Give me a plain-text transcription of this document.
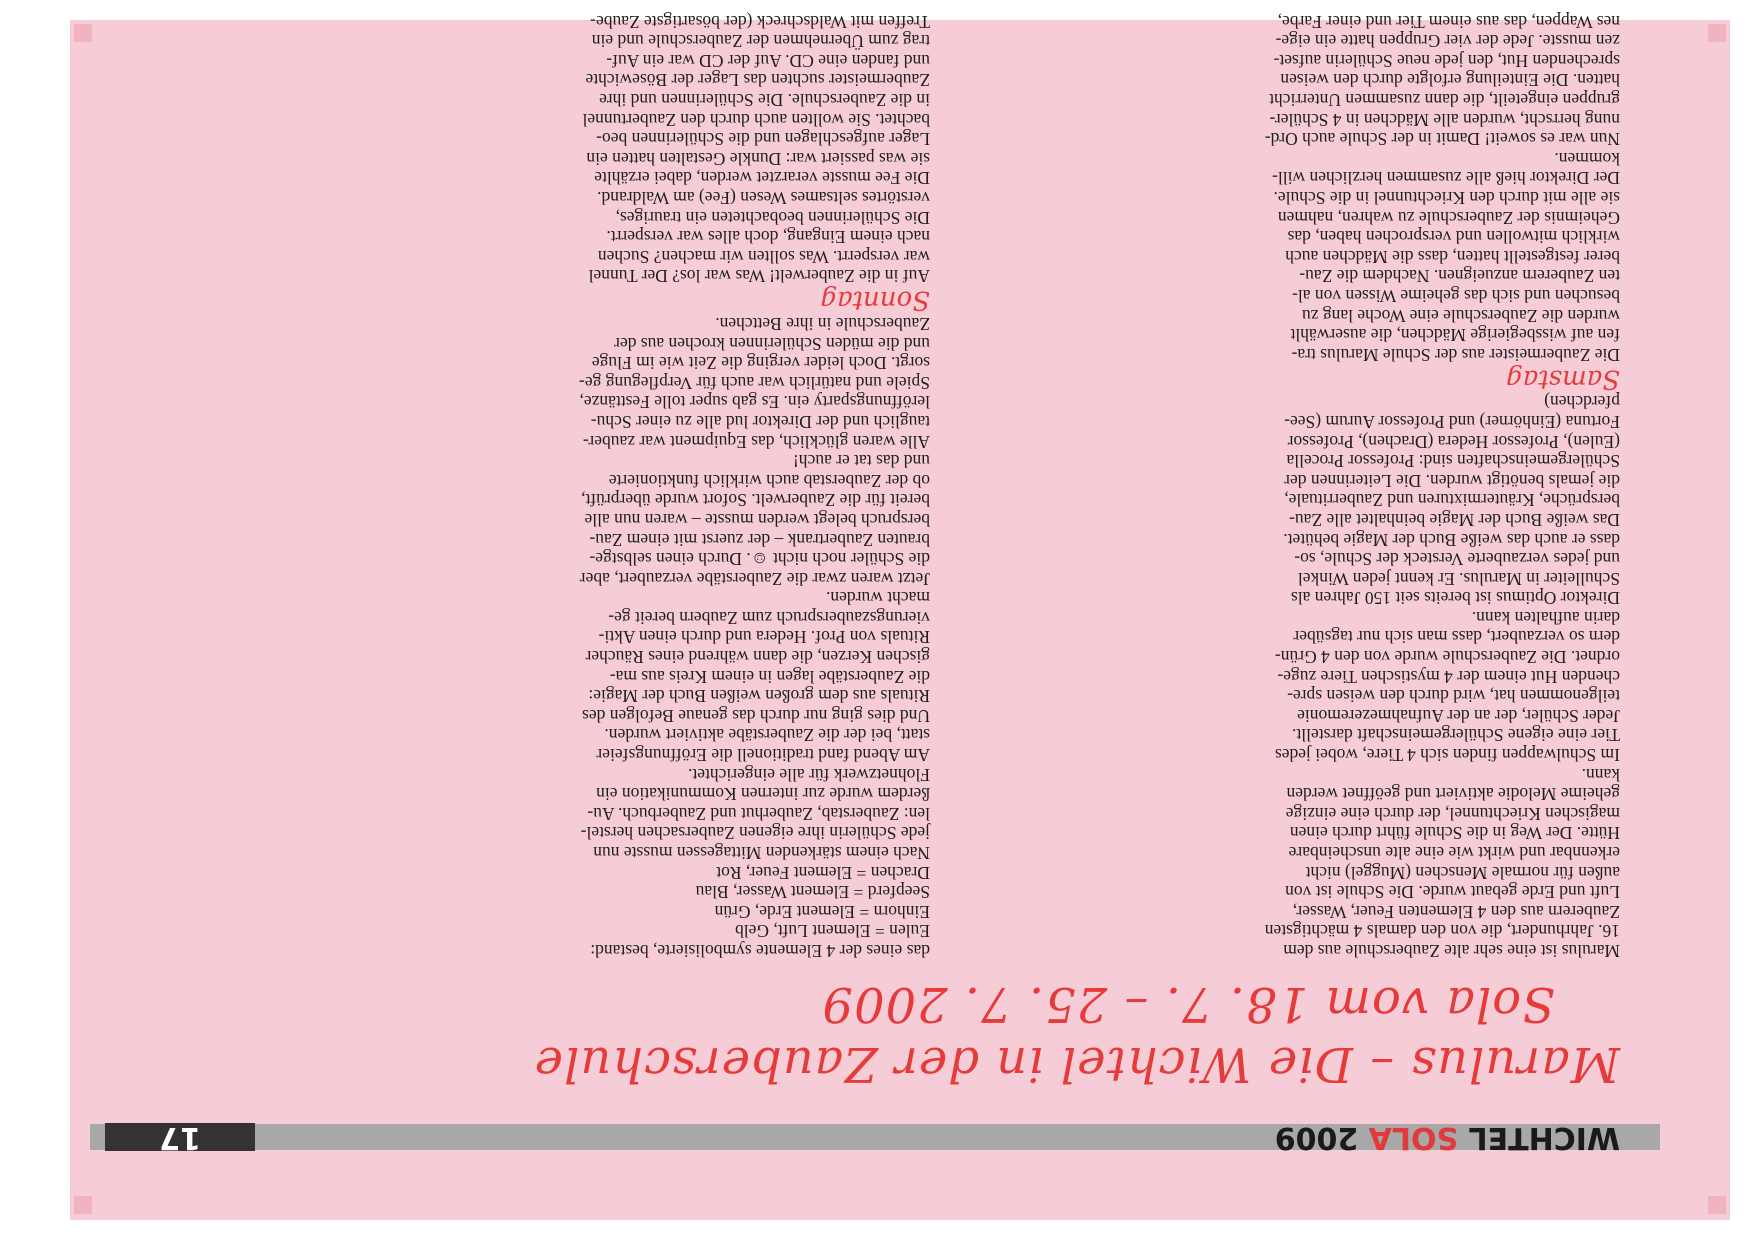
17	WICHTEL SOLA 2009
Marulus – Die Wichtel in der Zauberschule
Sola vom 18. 7. – 25. 7. 2009
Marulus ist eine sehr alte Zauberschule aus dem
16. Jahrhundert, die von den damals 4 mächtigsten
Zauberern aus den 4 Elementen Feuer, Wasser,
Luft und Erde gebaut wurde. Die Schule ist von
außen für normale Menschen (Muggel) nicht
erkennbar und wirkt wie eine alte unscheinbare
Hütte. Der Weg in die Schule führt durch einen
magischen Kriechtunnel, der durch eine einzige
geheime Melodie aktiviert und geöffnet werden
kann.
Im Schulwappen finden sich 4 Tiere, wobei jedes
Tier eine eigene Schülergemeinschaft darstellt.
Jeder Schüler, der an der Aufnahmezeremonie
teilgenommen hat, wird durch den weisen spre-
chenden Hut einem der 4 mystischen Tiere zuge-
ordnet. Die Zauberschule wurde von den 4 Grün-
dern so verzaubert, dass man sich nur tagsüber
darin aufhalten kann.
Direktor Optimus ist bereits seit 150 Jahren als
Schulleiter in Marulus. Er kennt jeden Winkel
und jedes verzauberte Versteck der Schule, so-
dass er auch das weiße Buch der Magie behütet.
Das weiße Buch der Magie beinhaltet alle Zau-
bersprüche, Kräutermixturen und Zauberrituale,
die jemals benötigt wurden. Die Leiterinnen der
Schülergemeinschaften sind: Professor Procella
(Eulen), Professor Hedera (Drachen), Professor
Fortuna (Einhörner) und Professor Aurum (See-
pferdchen)
Samstag
Die Zaubermeister aus der Schule Marulus tra-
fen auf wissbegierige Mädchen, die auserwählt
wurden die Zauberschule eine Woche lang zu
besuchen und sich das geheime Wissen von al-
ten Zauberern anzueignen. Nachdem die Zau-
berer festgestellt hatten, dass die Mädchen auch
wirklich mitwollen und versprochen haben, das
Geheimnis der Zauberschule zu wahren, nahmen
sie alle mit durch den Kriechtunnel in die Schule.
Der Direktor hieß alle zusammen herzlichen will-
kommen.
Nun war es soweit! Damit in der Schule auch Ord-
nung herrscht, wurden alle Mädchen in 4 Schüler-
gruppen eingeteilt, die dann zusammen Unterricht
hatten. Die Einteilung erfolgte durch den weisen
sprechenden Hut, den jede neue Schülerin aufset-
zen musste. Jede der vier Gruppen hatte ein eige-
nes Wappen, das aus einem Tier und einer Farbe,
das eines der 4 Elemente symbolisierte, bestand:
Eulen = Element Luft, Gelb
Einhorn = Element Erde, Grün
Seepferd = Element Wasser, Blau
Drachen = Element Feuer, Rot
Nach einem stärkenden Mittagessen musste nun
jede Schülerin ihre eigenen Zaubersachen herstel-
len: Zauberstab, Zauberhut und Zauberbuch. Au-
ßerdem wurde zur internen Kommunikation ein
Flohnetzwerk für alle eingerichtet.
Am Abend fand traditionell die Eröffnungsfeier
statt, bei der die Zauberstäbe aktiviert wurden.
Und dies ging nur durch das genaue Befolgen des
Rituals aus dem großen weißen Buch der Magie:
die Zauberstäbe lagen in einem Kreis aus ma-
gischen Kerzen, die dann während eines Räucher
Rituals von Prof. Hedera und durch einen Akti-
vierungszauberspruch zum Zaubern bereit ge-
macht wurden.
Jetzt waren zwar die Zauberstäbe verzaubert, aber
die Schüler noch nicht ☺. Durch einen selbstge-
brauten Zaubertrank – der zuerst mit einem Zau-
berspruch belegt werden musste – waren nun alle
bereit für die Zauberwelt. Sofort wurde überprüft,
ob der Zauberstab auch wirklich funktionierte
und das tat er auch!
Alle waren glücklich, das Equipment war zauber-
tauglich und der Direktor lud alle zu einer Schu-
leröffnungsparty ein. Es gab super tolle Festtänze,
Spiele und natürlich war auch für Verpflegung ge-
sorgt. Doch leider verging die Zeit wie im Fluge
und die müden Schülerinnen krochen aus der
Zauberschule in ihre Bettchen.
Sonntag
Auf in die Zauberwelt! Was war los? Der Tunnel
war versperrt. Was sollten wir machen? Suchen
nach einem Eingang, doch alles war versperrt.
Die Schülerinnen beobachteten ein trauriges,
verstörtes seltsames Wesen (Fee) am Waldrand.
Die Fee musste verarztet werden, dabei erzählte
sie was passiert war: Dunkle Gestalten hatten ein
Lager aufgeschlagen und die Schülerinnen beo-
bachtet. Sie wollten auch durch den Zaubertunnel
in die Zauberschule. Die Schülerinnen und ihre
Zaubermeister suchten das Lager der Bösewichte
und fanden eine CD. Auf der CD war ein Auf-
trag zum Übernehmen der Zauberschule und ein
Treffen mit Waldschreck (der bösartigste Zaube-
